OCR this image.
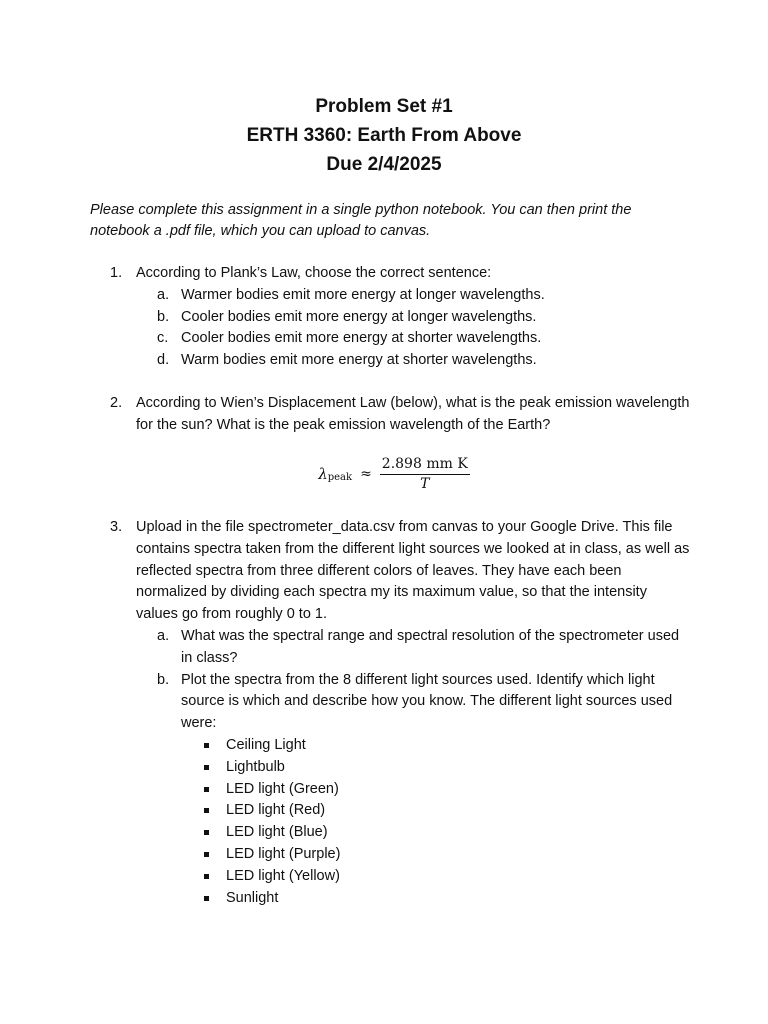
Problem Set #1
ERTH 3360: Earth From Above
Due 2/4/2025
Please complete this assignment in a single python notebook. You can then print the notebook a .pdf file, which you can upload to canvas.
1. According to Plank’s Law, choose the correct sentence:
a. Warmer bodies emit more energy at longer wavelengths.
b. Cooler bodies emit more energy at longer wavelengths.
c. Cooler bodies emit more energy at shorter wavelengths.
d. Warm bodies emit more energy at shorter wavelengths.
2. According to Wien’s Displacement Law (below), what is the peak emission wavelength for the sun? What is the peak emission wavelength of the Earth?
λ peak ≈ $\frac{\text{2.898 mm K}}{T}$
3. Upload in the file spectrometer_data.csv from canvas to your Google Drive. This file contains spectra taken from the different light sources we looked at in class, as well as reflected spectra from three different colors of leaves. They have each been normalized by dividing each spectra my its maximum value, so that the intensity values go from roughly 0 to 1.
a. What was the spectral range and spectral resolution of the spectrometer used in class?
b. Plot the spectra from the 8 different light sources used. Identify which light source is which and describe how you know. The different light sources used were:
Ceiling Light
Lightbulb
LED light (Green)
LED light (Red)
LED light (Blue)
LED light (Purple)
LED light (Yellow)
Sunlight
